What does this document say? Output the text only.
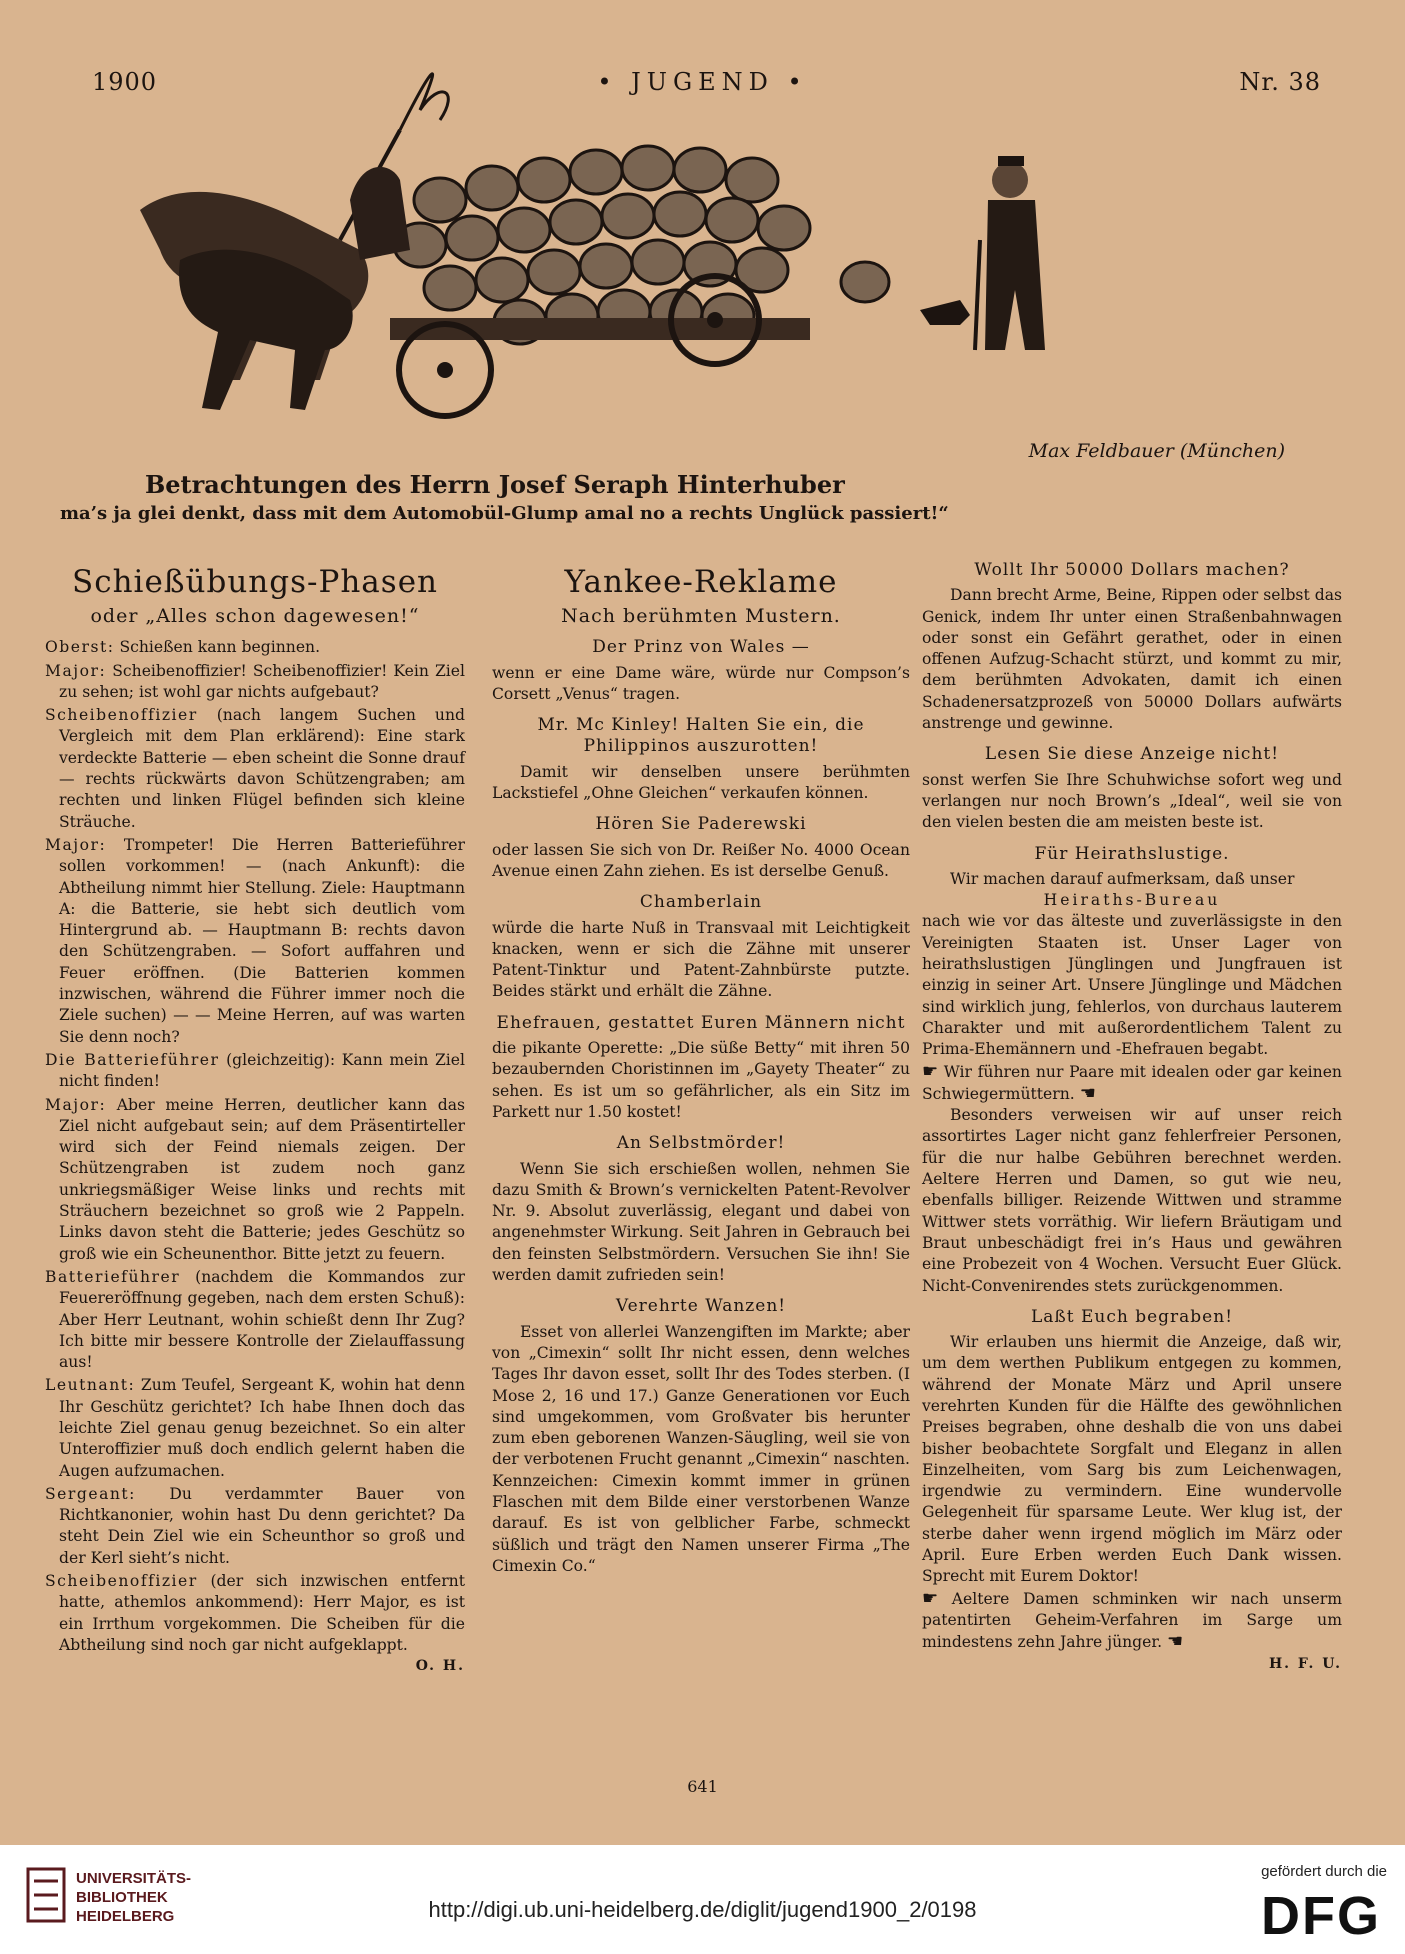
• JUGEND •
1900	Nr. 38
Max Feldbauer (München)
Betrachtungen des Herrn Josef Seraph Hinterhuber
ma’s ja glei denkt, dass mit dem Automobül-Glump amal no a rechts Unglück passiert!“
Schießübungs-Phasen
oder „Alles schon dagewesen!“

Oberst: Schießen kann beginnen.

Major: Scheibenoffizier! Scheibenoffizier! Kein Ziel zu sehen; ist wohl gar nichts aufgebaut?

Scheibenoffizier (nach langem Suchen und Vergleich mit dem Plan erklärend): Eine stark verdeckte Batterie — eben scheint die Sonne drauf — rechts rückwärts davon Schützengraben; am rechten und linken Flügel befinden sich kleine Sträuche.

Major: Trompeter! Die Herren Batterieführer sollen vorkommen! — (nach Ankunft): die Abtheilung nimmt hier Stellung. Ziele: Hauptmann A: die Batterie, sie hebt sich deutlich vom Hintergrund ab. — Hauptmann B: rechts davon den Schützengraben. — Sofort auffahren und Feuer eröffnen. (Die Batterien kommen inzwischen, während die Führer immer noch die Ziele suchen) — — Meine Herren, auf was warten Sie denn noch?

Die Batterieführer (gleichzeitig): Kann mein Ziel nicht finden!

Major: Aber meine Herren, deutlicher kann das Ziel nicht aufgebaut sein; auf dem Präsentirteller wird sich der Feind niemals zeigen. Der Schützengraben ist zudem noch ganz unkriegsmäßiger Weise links und rechts mit Sträuchern bezeichnet so groß wie 2 Pappeln. Links davon steht die Batterie; jedes Geschütz so groß wie ein Scheunenthor. Bitte jetzt zu feuern.

Batterieführer (nachdem die Kommandos zur Feuereröffnung gegeben, nach dem ersten Schuß): Aber Herr Leutnant, wohin schießt denn Ihr Zug? Ich bitte mir bessere Kontrolle der Zielauffassung aus!

Leutnant: Zum Teufel, Sergeant K, wohin hat denn Ihr Geschütz gerichtet? Ich habe Ihnen doch das leichte Ziel genau genug bezeichnet. So ein alter Unteroffizier muß doch endlich gelernt haben die Augen aufzumachen.

Sergeant: Du verdammter Bauer von Richtkanonier, wohin hast Du denn gerichtet? Da steht Dein Ziel wie ein Scheunthor so groß und der Kerl sieht’s nicht.

Scheibenoffizier (der sich inzwischen entfernt hatte, athemlos ankommend): Herr Major, es ist ein Irrthum vorgekommen. Die Scheiben für die Abtheilung sind noch gar nicht aufgeklappt.

O. H.
Yankee-Reklame
Nach berühmten Mustern.
Der Prinz von Wales —

wenn er eine Dame wäre, würde nur Compson’s Corsett „Venus“ tragen.

Mr. Mc Kinley! Halten Sie ein, die Philippinos auszurotten!

Damit wir denselben unsere berühmten Lackstiefel „Ohne Gleichen“ verkaufen können.

Hören Sie Paderewski

oder lassen Sie sich von Dr. Reißer No. 4000 Ocean Avenue einen Zahn ziehen. Es ist derselbe Genuß.

Chamberlain

würde die harte Nuß in Transvaal mit Leichtigkeit knacken, wenn er sich die Zähne mit unserer Patent-Tinktur und Patent-Zahnbürste putzte. Beides stärkt und erhält die Zähne.

Ehefrauen, gestattet Euren Männern nicht

die pikante Operette: „Die süße Betty“ mit ihren 50 bezaubernden Choristinnen im „Gayety Theater“ zu sehen. Es ist um so gefährlicher, als ein Sitz im Parkett nur 1.50 kostet!

An Selbstmörder!

Wenn Sie sich erschießen wollen, nehmen Sie dazu Smith & Brown’s vernickelten Patent-Revolver Nr. 9. Absolut zuverlässig, elegant und dabei von angenehmster Wirkung. Seit Jahren in Gebrauch bei den feinsten Selbstmördern. Versuchen Sie ihn! Sie werden damit zufrieden sein!

Verehrte Wanzen!

Esset von allerlei Wanzengiften im Markte; aber von „Cimexin“ sollt Ihr nicht essen, denn welches Tages Ihr davon esset, sollt Ihr des Todes sterben. (I Mose 2, 16 und 17.) Ganze Generationen vor Euch sind umgekommen, vom Großvater bis herunter zum eben geborenen Wanzen-Säugling, weil sie von der verbotenen Frucht genannt „Cimexin“ naschten. Kennzeichen: Cimexin kommt immer in grünen Flaschen mit dem Bilde einer verstorbenen Wanze darauf. Es ist von gelblicher Farbe, schmeckt süßlich und trägt den Namen unserer Firma „The Cimexin Co.“

Wollt Ihr 50000 Dollars machen?

Dann brecht Arme, Beine, Rippen oder selbst das Genick, indem Ihr unter einen Straßenbahnwagen oder sonst ein Gefährt gerathet, oder in einen offenen Aufzug-Schacht stürzt, und kommt zu mir, dem berühmten Advokaten, damit ich einen Schadenersatzprozeß von 50000 Dollars aufwärts anstrenge und gewinne.

Lesen Sie diese Anzeige nicht!

sonst werfen Sie Ihre Schuhwichse sofort weg und verlangen nur noch Brown’s „Ideal“, weil sie von den vielen besten die am meisten beste ist.

Für Heirathslustige.

Wir machen darauf aufmerksam, daß unser

Heiraths-Bureau

nach wie vor das älteste und zuverlässigste in den Vereinigten Staaten ist. Unser Lager von heirathslustigen Jünglingen und Jungfrauen ist einzig in seiner Art. Unsere Jünglinge und Mädchen sind wirklich jung, fehlerlos, von durchaus lauterem Charakter und mit außerordentlichem Talent zu Prima-Ehemännern und -Ehefrauen begabt.

☛ Wir führen nur Paare mit idealen oder gar keinen Schwiegermüttern. ☚

Besonders verweisen wir auf unser reich assortirtes Lager nicht ganz fehlerfreier Personen, für die nur halbe Gebühren berechnet werden. Aeltere Herren und Damen, so gut wie neu, ebenfalls billiger. Reizende Wittwen und stramme Wittwer stets vorräthig. Wir liefern Bräutigam und Braut unbeschädigt frei in’s Haus und gewähren eine Probezeit von 4 Wochen. Versucht Euer Glück. Nicht-Convenirendes stets zurückgenommen.

Laßt Euch begraben!

Wir erlauben uns hiermit die Anzeige, daß wir, um dem werthen Publikum entgegen zu kommen, während der Monate März und April unsere verehrten Kunden für die Hälfte des gewöhnlichen Preises begraben, ohne deshalb die von uns dabei bisher beobachtete Sorgfalt und Eleganz in allen Einzelheiten, vom Sarg bis zum Leichenwagen, irgendwie zu vermindern. Eine wundervolle Gelegenheit für sparsame Leute. Wer klug ist, der sterbe daher wenn irgend möglich im März oder April. Eure Erben werden Euch Dank wissen. Sprecht mit Eurem Doktor!

☛ Aeltere Damen schminken wir nach unserm patentirten Geheim-Verfahren im Sarge um mindestens zehn Jahre jünger. ☚

H. F. U.
641
UNIVERSITÄTS-
BIBLIOTHEK
HEIDELBERG	http://digi.ub.uni-heidelberg.de/diglit/jugend1900_2/0198
gefördert durch die
DFG
